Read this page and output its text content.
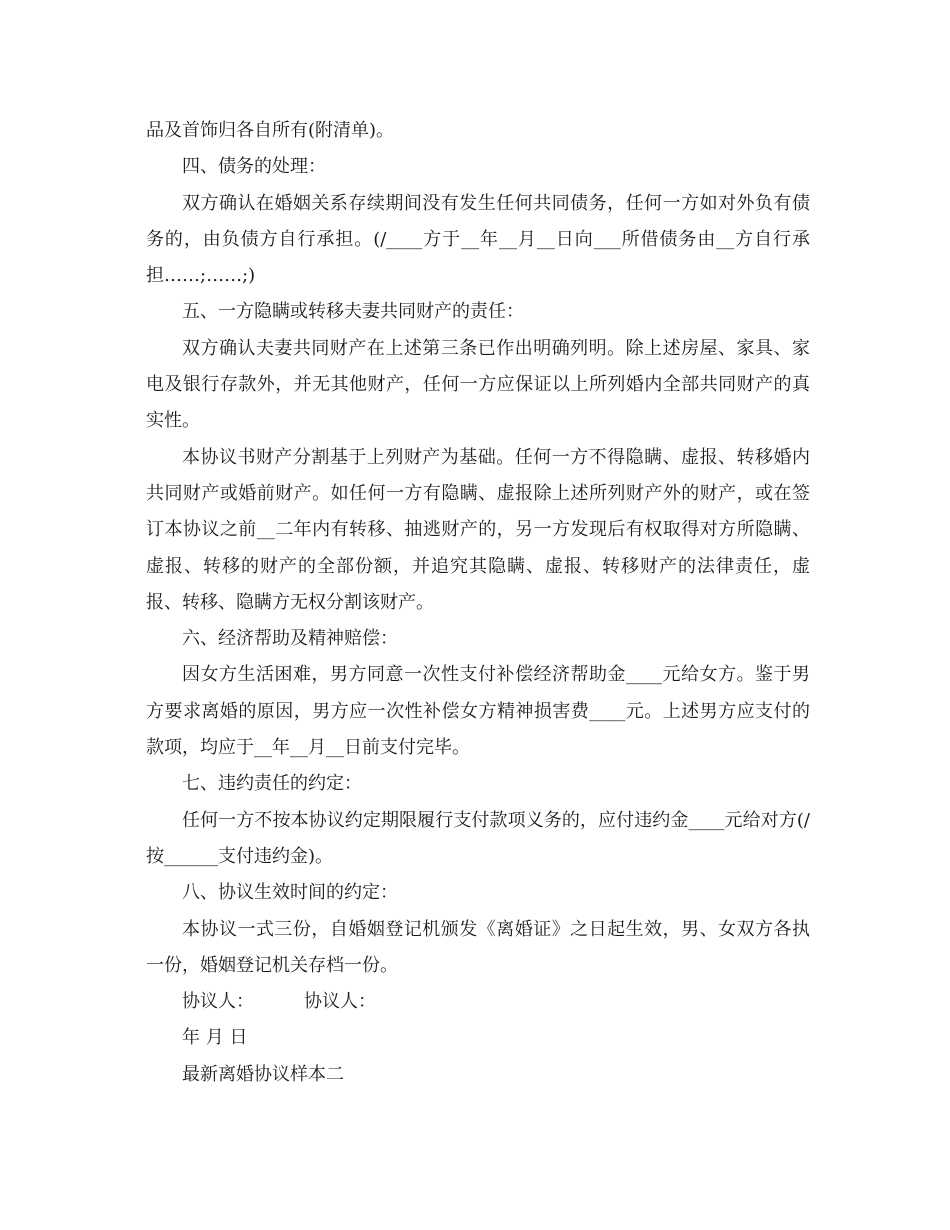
品及首饰归各自所有(附清单)。

四、债务的处理：

双方确认在婚姻关系存续期间没有发生任何共同债务，任何一方如对外负有债务的，由负债方自行承担。(/____方于__年__月__日向___所借债务由__方自行承担……;……;)

五、一方隐瞒或转移夫妻共同财产的责任：

双方确认夫妻共同财产在上述第三条已作出明确列明。除上述房屋、家具、家电及银行存款外，并无其他财产，任何一方应保证以上所列婚内全部共同财产的真实性。

本协议书财产分割基于上列财产为基础。任何一方不得隐瞒、虚报、转移婚内共同财产或婚前财产。如任何一方有隐瞒、虚报除上述所列财产外的财产，或在签订本协议之前__二年内有转移、抽逃财产的，另一方发现后有权取得对方所隐瞒、虚报、转移的财产的全部份额，并追究其隐瞒、虚报、转移财产的法律责任，虚报、转移、隐瞒方无权分割该财产。

六、经济帮助及精神赔偿：

因女方生活困难，男方同意一次性支付补偿经济帮助金____元给女方。鉴于男方要求离婚的原因，男方应一次性补偿女方精神损害费____元。上述男方应支付的款项，均应于__年__月__日前支付完毕。

七、违约责任的约定：

任何一方不按本协议约定期限履行支付款项义务的，应付违约金____元给对方(/按______支付违约金)。

八、协议生效时间的约定：

本协议一式三份，自婚姻登记机颁发《离婚证》之日起生效，男、女双方各执一份，婚姻登记机关存档一份。

协议人：	协议人：

年 月 日

最新离婚协议样本二
